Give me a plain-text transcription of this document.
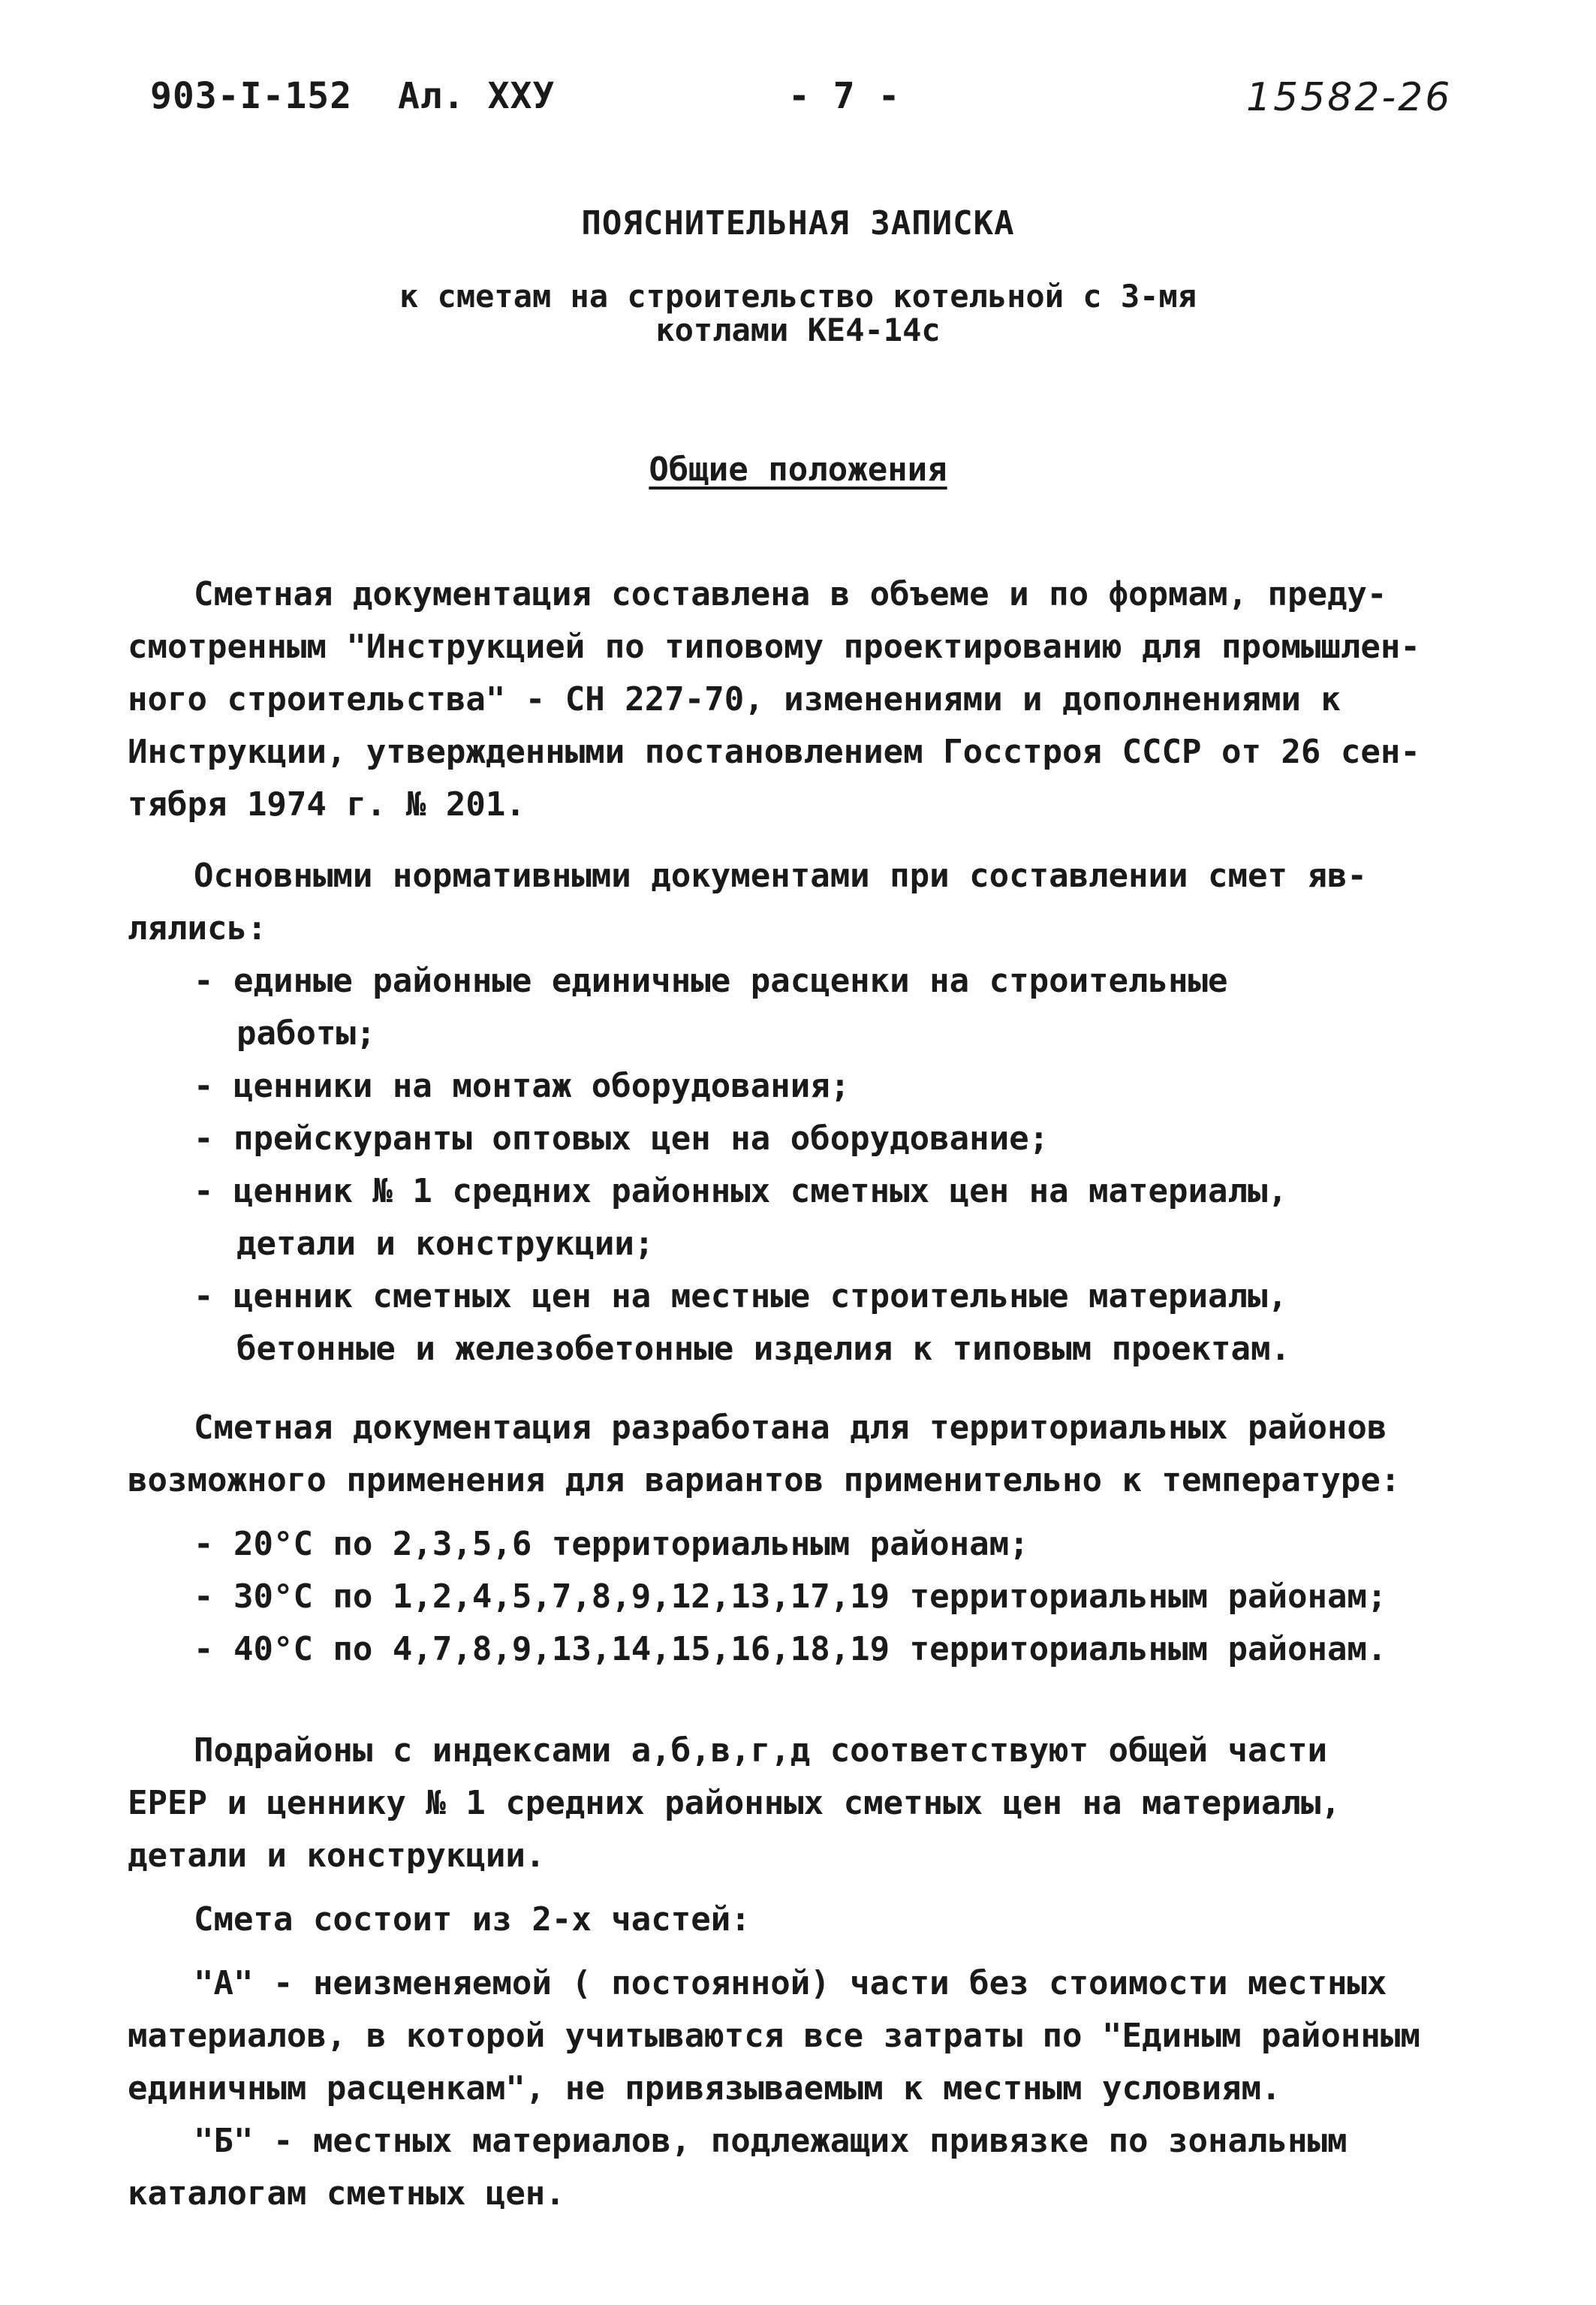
903-I-152 Ал. XXУ	- 7 -	15582-26
ПОЯСНИТЕЛЬНАЯ ЗАПИСКА
к сметам на строительство котельной с 3-мя
котлами КЕ4-14с
Общие положения
Сметная документация составлена в объеме и по формам, преду-
смотренным "Инструкцией по типовому проектированию для промышлен-
ного строительства" - СН 227-70, изменениями и дополнениями к
Инструкции, утвержденными постановлением Госстроя СССР от 26 сен-
тября 1974 г. № 201.
Основными нормативными документами при составлении смет яв-
лялись:
- единые районные единичные расценки на строительные
работы;
- ценники на монтаж оборудования;
- прейскуранты оптовых цен на оборудование;
- ценник № 1 средних районных сметных цен на материалы,
детали и конструкции;
- ценник сметных цен на местные строительные материалы,
бетонные и железобетонные изделия к типовым проектам.
Сметная документация разработана для территориальных районов
возможного применения для вариантов применительно к температуре:
- 20°С по 2,3,5,6 территориальным районам;
- 30°С по 1,2,4,5,7,8,9,12,13,17,19 территориальным районам;
- 40°С по 4,7,8,9,13,14,15,16,18,19 территориальным районам.
Подрайоны с индексами а,б,в,г,д соответствуют общей части
ЕРЕР и ценнику № 1 средних районных сметных цен на материалы,
детали и конструкции.
Смета состоит из 2-х частей:
"А" - неизменяемой ( постоянной) части без стоимости местных
материалов, в которой учитываются все затраты по "Единым районным
единичным расценкам", не привязываемым к местным условиям.
"Б" - местных материалов, подлежащих привязке по зональным
каталогам сметных цен.
